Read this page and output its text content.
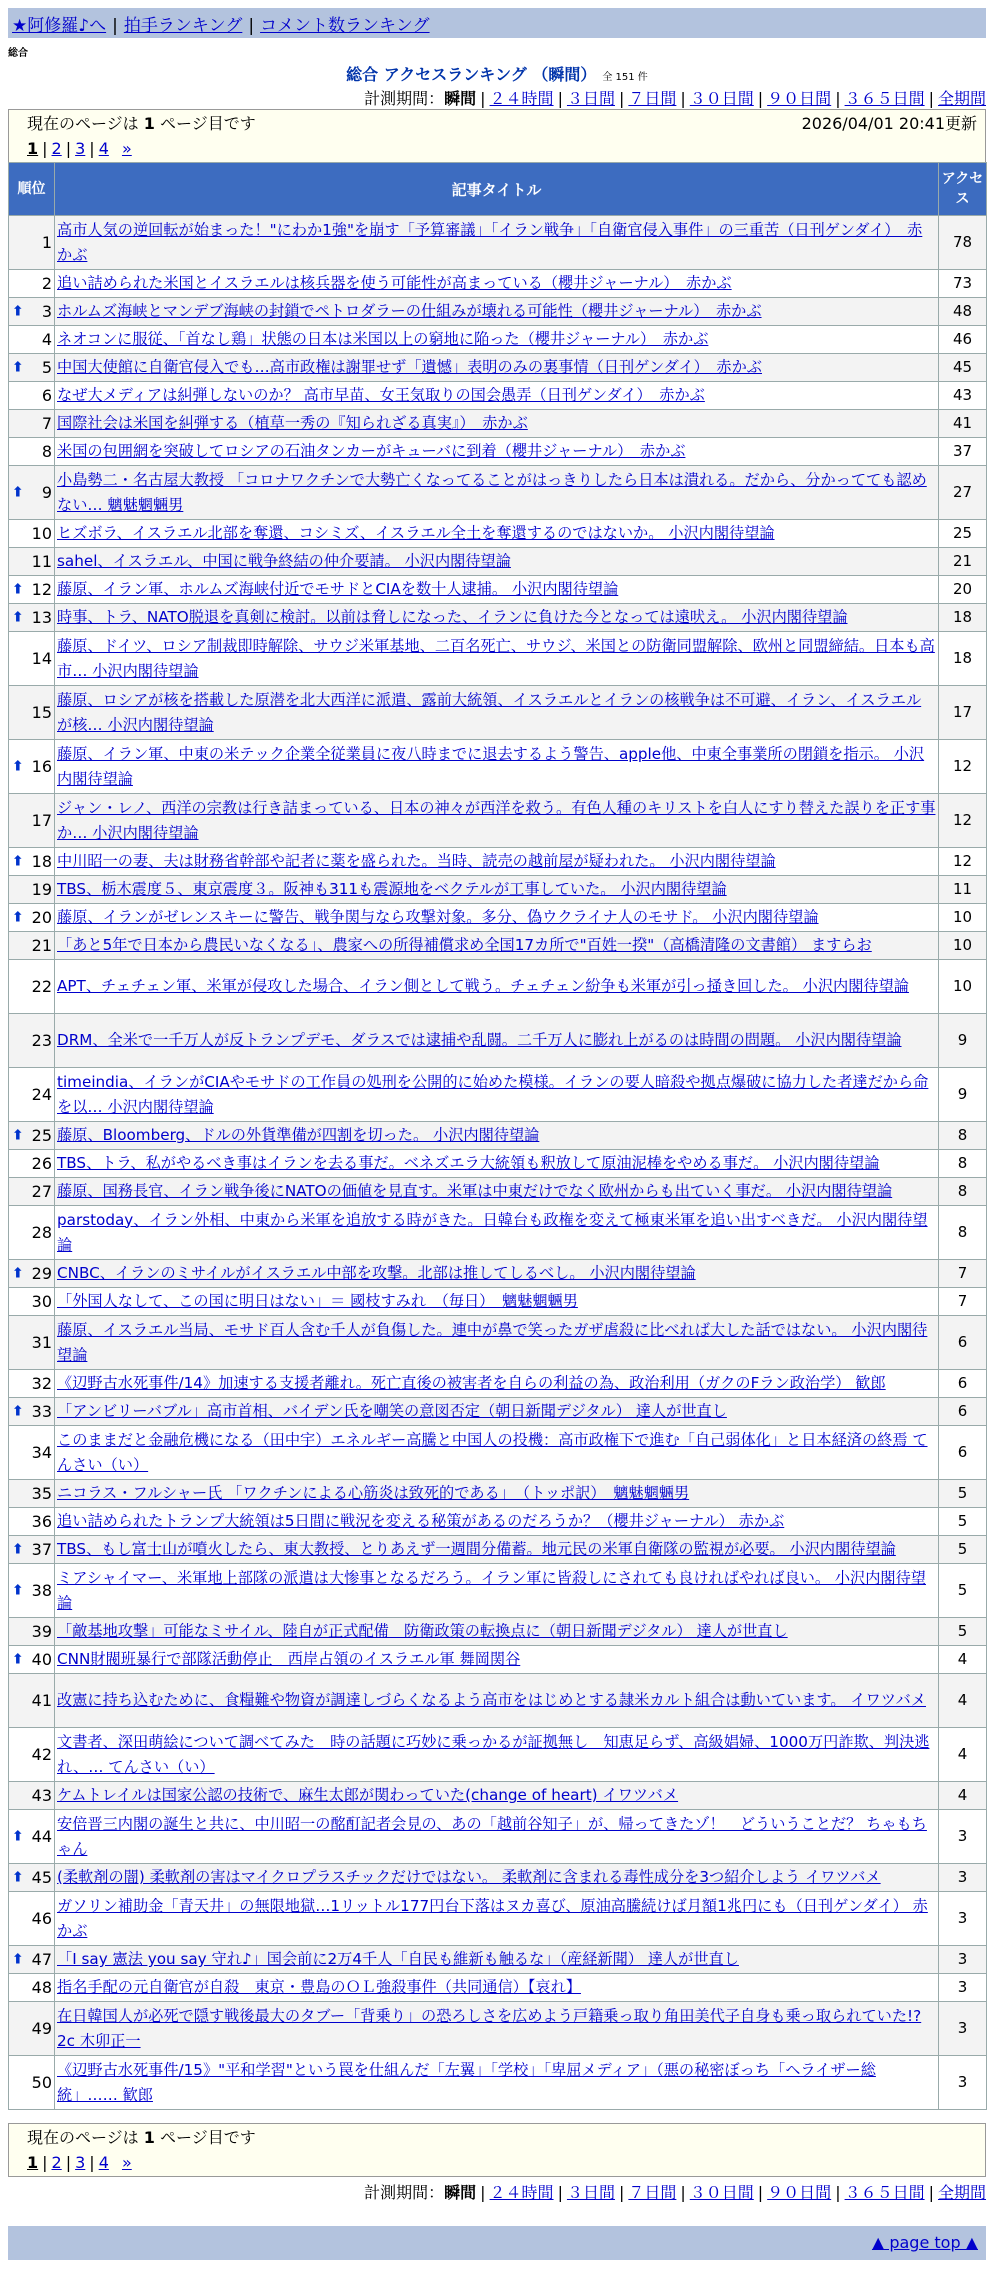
★阿修羅♪へ | 拍手ランキング | コメント数ランキング
総合
総合 アクセスランキング （瞬間） 全 151 件
計測期間：瞬間 | ２４時間 | ３日間 | ７日間 | ３０日間 | ９０日間 | ３６５日間 | 全期間
現在のページは 1 ページ目です	2026/04/01 20:41更新
1 | 2 | 3 | 4 »
順位	記事タイトル	アクセス
1	高市人気の逆回転が始まった！"にわか1強"を崩す「予算審議」「イラン戦争」「自衛官侵入事件」の三重苦（日刊ゲンダイ）　赤かぶ	78
2	追い詰められた米国とイスラエルは核兵器を使う可能性が高まっている（櫻井ジャーナル）　赤かぶ	73

⬆ 3	ホルムズ海峡とマンデブ海峡の封鎖でペトロダラーの仕組みが壊れる可能性（櫻井ジャーナル）　赤かぶ	48
4	ネオコンに服従、「首なし鶏」状態の日本は米国以上の窮地に陥った（櫻井ジャーナル）　赤かぶ	46

⬆ 5	中国大使館に自衛官侵入でも…高市政権は謝罪せず「遺憾」表明のみの裏事情（日刊ゲンダイ）　赤かぶ	45
6	なぜ大メディアは糾弾しないのか？ 高市早苗、女王気取りの国会愚弄（日刊ゲンダイ）　赤かぶ	43
7	国際社会は米国を糾弾する（植草一秀の『知られざる真実』）　赤かぶ	41
8	米国の包囲網を突破してロシアの石油タンカーがキューバに到着（櫻井ジャーナル）　赤かぶ	37

⬆ 9	小島勢二・名古屋大教授 「コロナワクチンで大勢亡くなってることがはっきりしたら日本は潰れる。だから、分かってても認めない… 魑魅魍魎男	27
10	ヒズボラ、イスラエル北部を奪還、コシミズ、イスラエル全土を奪還するのではないか。 小沢内閣待望論	25
11	sahel、イスラエル、中国に戦争終結の仲介要請。 小沢内閣待望論	21

⬆ 12	藤原、イラン軍、ホルムズ海峡付近でモサドとCIAを数十人逮捕。 小沢内閣待望論	20

⬆ 13	時事、トラ、NATO脱退を真剣に検討。以前は脅しになった、イランに負けた今となっては遠吠え。 小沢内閣待望論	18
14	藤原、ドイツ、ロシア制裁即時解除、サウジ米軍基地、二百名死亡、サウジ、米国との防衛同盟解除、欧州と同盟締結。日本も高市… 小沢内閣待望論	18
15	藤原、ロシアが核を搭載した原潜を北大西洋に派遣、露前大統領、イスラエルとイランの核戦争は不可避、イラン、イスラエルが核… 小沢内閣待望論	17

⬆ 16	藤原、イラン軍、中東の米テック企業全従業員に夜八時までに退去するよう警告、apple他、中東全事業所の閉鎖を指示。 小沢内閣待望論	12
17	ジャン・レノ、西洋の宗教は行き詰まっている、日本の神々が西洋を救う。有色人種のキリストを白人にすり替えた誤りを正す事か… 小沢内閣待望論	12

⬆ 18	中川昭一の妻、夫は財務省幹部や記者に薬を盛られた。当時、読売の越前屋が疑われた。 小沢内閣待望論	12
19	TBS、栃木震度５、東京震度３。阪神も311も震源地をベクテルが工事していた。 小沢内閣待望論	11

⬆ 20	藤原、イランがゼレンスキーに警告、戦争関与なら攻撃対象。多分、偽ウクライナ人のモサド。 小沢内閣待望論	10
21	「あと5年で日本から農民いなくなる」、農家への所得補償求め全国17カ所で"百姓一揆"（高橋清隆の文書館） ますらお	10
22	APT、チェチェン軍、米軍が侵攻した場合、イラン側として戦う。チェチェン紛争も米軍が引っ掻き回した。 小沢内閣待望論	10
23	DRM、全米で一千万人が反トランプデモ、ダラスでは逮捕や乱闘。二千万人に膨れ上がるのは時間の問題。 小沢内閣待望論	9
24	timeindia、イランがCIAやモサドの工作員の処刑を公開的に始めた模様。イランの要人暗殺や拠点爆破に協力した者達だから命を以… 小沢内閣待望論	9

⬆ 25	藤原、Bloomberg、ドルの外貨準備が四割を切った。 小沢内閣待望論	8
26	TBS、トラ、私がやるべき事はイランを去る事だ。ベネズエラ大統領も釈放して原油泥棒をやめる事だ。 小沢内閣待望論	8
27	藤原、国務長官、イラン戦争後にNATOの価値を見直す。米軍は中東だけでなく欧州からも出ていく事だ。 小沢内閣待望論	8
28	parstoday、イラン外相、中東から米軍を追放する時がきた。日韓台も政権を変えて極東米軍を追い出すべきだ。 小沢内閣待望論	8

⬆ 29	CNBC、イランのミサイルがイスラエル中部を攻撃。北部は推してしるべし。 小沢内閣待望論	7
30	「外国人なして、この国に明日はない」＝ 國枝すみれ　（毎日）　魑魅魍魎男	7
31	藤原、イスラエル当局、モサド百人含む千人が負傷した。連中が鼻で笑ったガザ虐殺に比べれば大した話ではない。 小沢内閣待望論	6
32	《辺野古水死事件/14》加速する支援者離れ。死亡直後の被害者を自らの利益の為、政治利用（ガクのFラン政治学） 歓郎	6

⬆ 33	「アンビリーバブル」高市首相、バイデン氏を嘲笑の意図否定（朝日新聞デジタル） 達人が世直し	6
34	このままだと金融危機になる（田中宇）エネルギー高騰と中国人の投機：高市政権下で進む「自己弱体化」と日本経済の終焉 てんさい（い）	6
35	ニコラス・フルシャー氏 「ワクチンによる心筋炎は致死的である」　（トッポ訳）　魑魅魍魎男	5
36	追い詰められたトランプ大統領は5日間に戦況を変える秘策があるのだろうか？（櫻井ジャーナル） 赤かぶ	5

⬆ 37	TBS、もし富士山が噴火したら、東大教授、とりあえず一週間分備蓄。地元民の米軍自衛隊の監視が必要。 小沢内閣待望論	5

⬆ 38	ミアシャイマー、米軍地上部隊の派遣は大惨事となるだろう。イラン軍に皆殺しにされても良ければやれば良い。 小沢内閣待望論	5
39	「敵基地攻撃」可能なミサイル、陸自が正式配備　防衛政策の転換点に（朝日新聞デジタル） 達人が世直し	5

⬆ 40	CNN財閥班暴行で部隊活動停止　西岸占領のイスラエル軍 舞岡関谷	4
41	改憲に持ち込むために、食糧難や物資が調達しづらくなるよう高市をはじめとする隷米カルト組合は動いています。 イワツバメ	4
42	文書者、深田萌絵について調べてみた　時の話題に巧妙に乗っかるが証拠無し　知恵足らず、高級娼婦、1000万円詐欺、判決逃れ、… てんさい（い）	4
43	ケムトレイルは国家公認の技術で、麻生太郎が関わっていた(change of heart) イワツバメ	4

⬆ 44	安倍晋三内閣の誕生と共に、中川昭一の酩酊記者会見の、あの「越前谷知子」が、帰ってきたゾ！　どういうことだ？ ちゃもちゃん	3

⬆ 45	(柔軟剤の闇) 柔軟剤の害はマイクロプラスチックだけではない。 柔軟剤に含まれる毒性成分を3つ紹介しよう イワツバメ	3
46	ガソリン補助金「青天井」の無限地獄…1リットル177円台下落はヌカ喜び、原油高騰続けば月額1兆円にも（日刊ゲンダイ） 赤かぶ	3

⬆ 47	「I say 憲法 you say 守れ♪」国会前に2万4千人「自民も維新も触るな」（産経新聞） 達人が世直し	3
48	指名手配の元自衛官が自殺　東京・豊島のＯＬ強殺事件（共同通信）【哀れ】	3
49	在日韓国人が必死で隠す戦後最大のタブー「背乗り」の恐ろしさを広めよう戸籍乗っ取り角田美代子自身も乗っ取られていた!?2c 木卯正一	3
50	《辺野古水死事件/15》"平和学習"という罠を仕組んだ「左翼」「学校」「卑屈メディア」（悪の秘密ぼっち「ヘライザー総統」…… 歓郎	3
現在のページは 1 ページ目です
1 | 2 | 3 | 4 »
計測期間：瞬間 | ２４時間 | ３日間 | ７日間 | ３０日間 | ９０日間 | ３６５日間 | 全期間
▲ page top ▲
